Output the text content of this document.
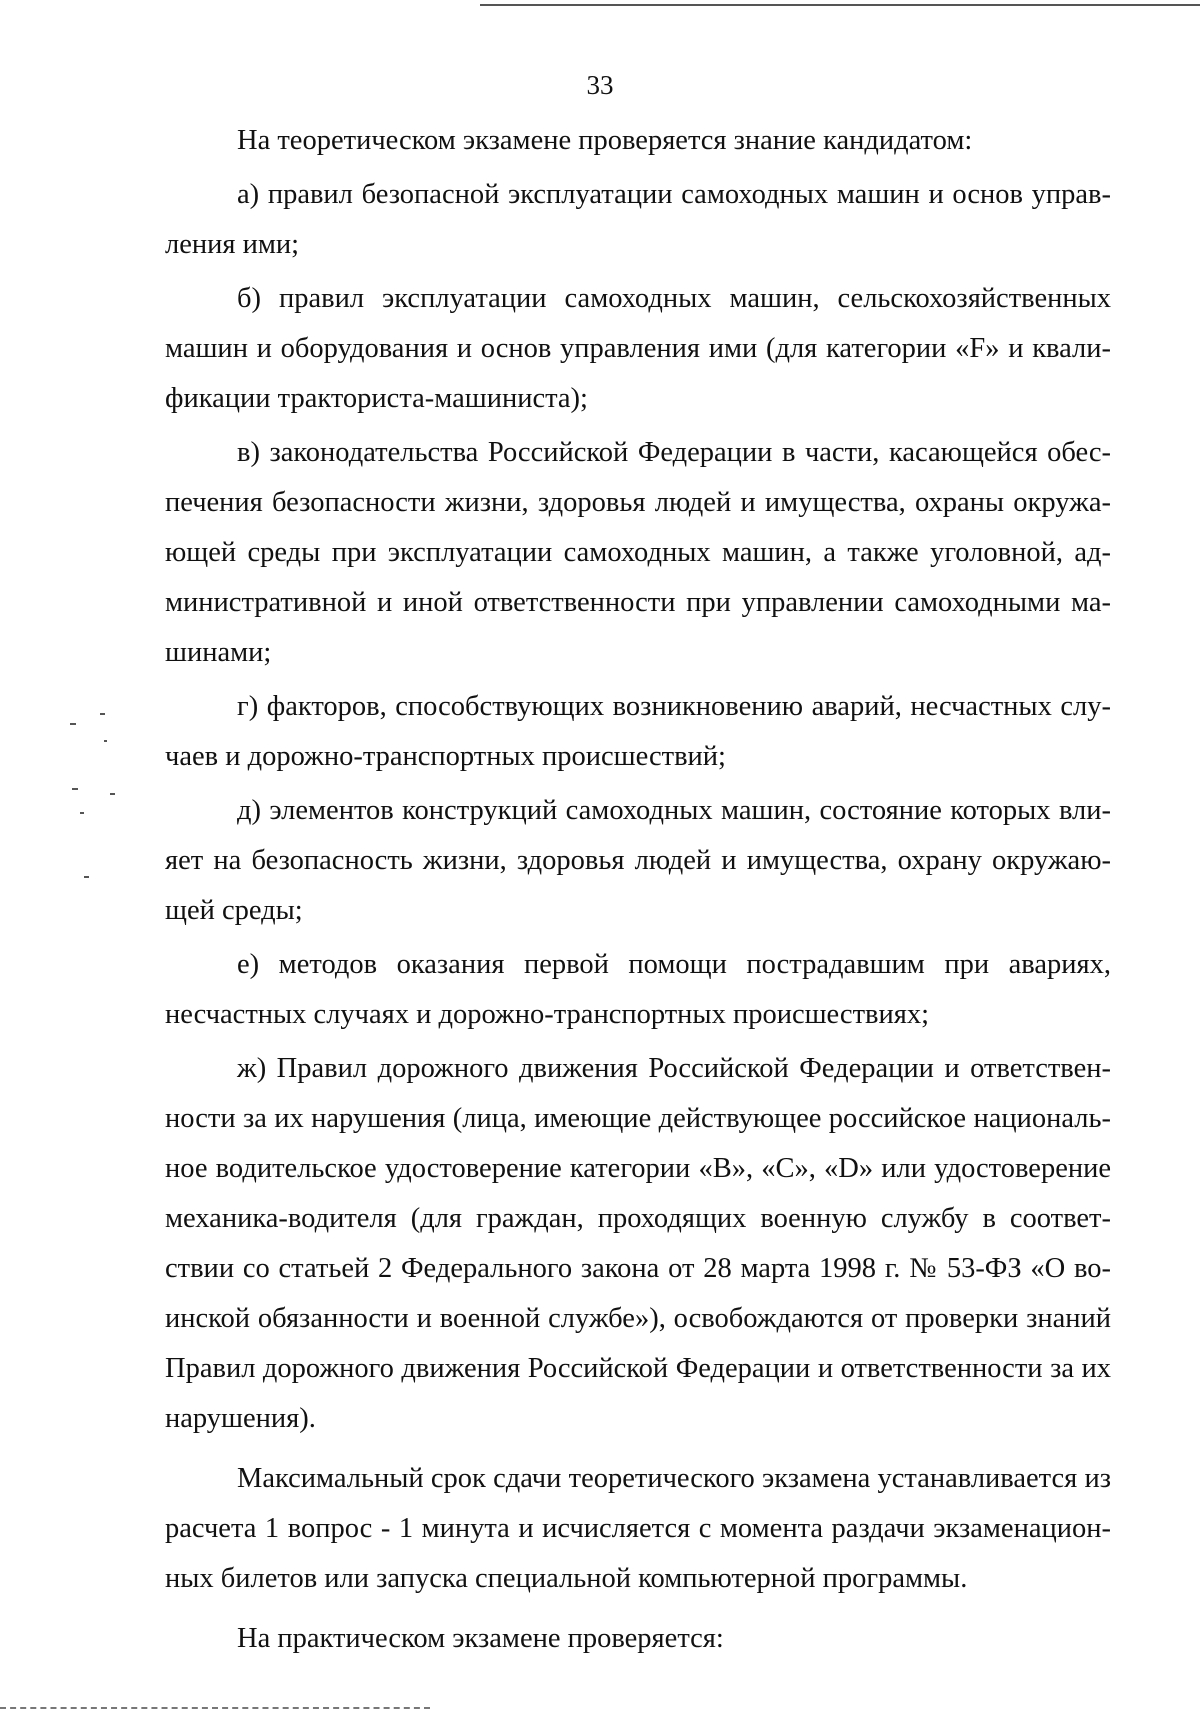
33

На теоретическом экзамене проверяется знание кандидатом:

а) правил безопасной эксплуатации самоходных машин и основ управления ими;

б) правил эксплуатации самоходных машин, сельскохозяйственных машин и оборудования и основ управления ими (для категории «F» и квалификации тракториста-машиниста);

в) законодательства Российской Федерации в части, касающейся обеспечения безопасности жизни, здоровья людей и имущества, охраны окружающей среды при эксплуатации самоходных машин, а также уголовной, административной и иной ответственности при управлении самоходными машинами;

г) факторов, способствующих возникновению аварий, несчастных случаев и дорожно-транспортных происшествий;

д) элементов конструкций самоходных машин, состояние которых влияет на безопасность жизни, здоровья людей и имущества, охрану окружающей среды;

е) методов оказания первой помощи пострадавшим при авариях, несчастных случаях и дорожно-транспортных происшествиях;

ж) Правил дорожного движения Российской Федерации и ответственности за их нарушения (лица, имеющие действующее российское национальное водительское удостоверение категории «B», «C», «D» или удостоверение механика-водителя (для граждан, проходящих военную службу в соответствии со статьей 2 Федерального закона от 28 марта 1998 г. № 53-ФЗ «О воинской обязанности и военной службе»), освобождаются от проверки знаний Правил дорожного движения Российской Федерации и ответственности за их нарушения).

Максимальный срок сдачи теоретического экзамена устанавливается из расчета 1 вопрос - 1 минута и исчисляется с момента раздачи экзаменационных билетов или запуска специальной компьютерной программы.

На практическом экзамене проверяется:
